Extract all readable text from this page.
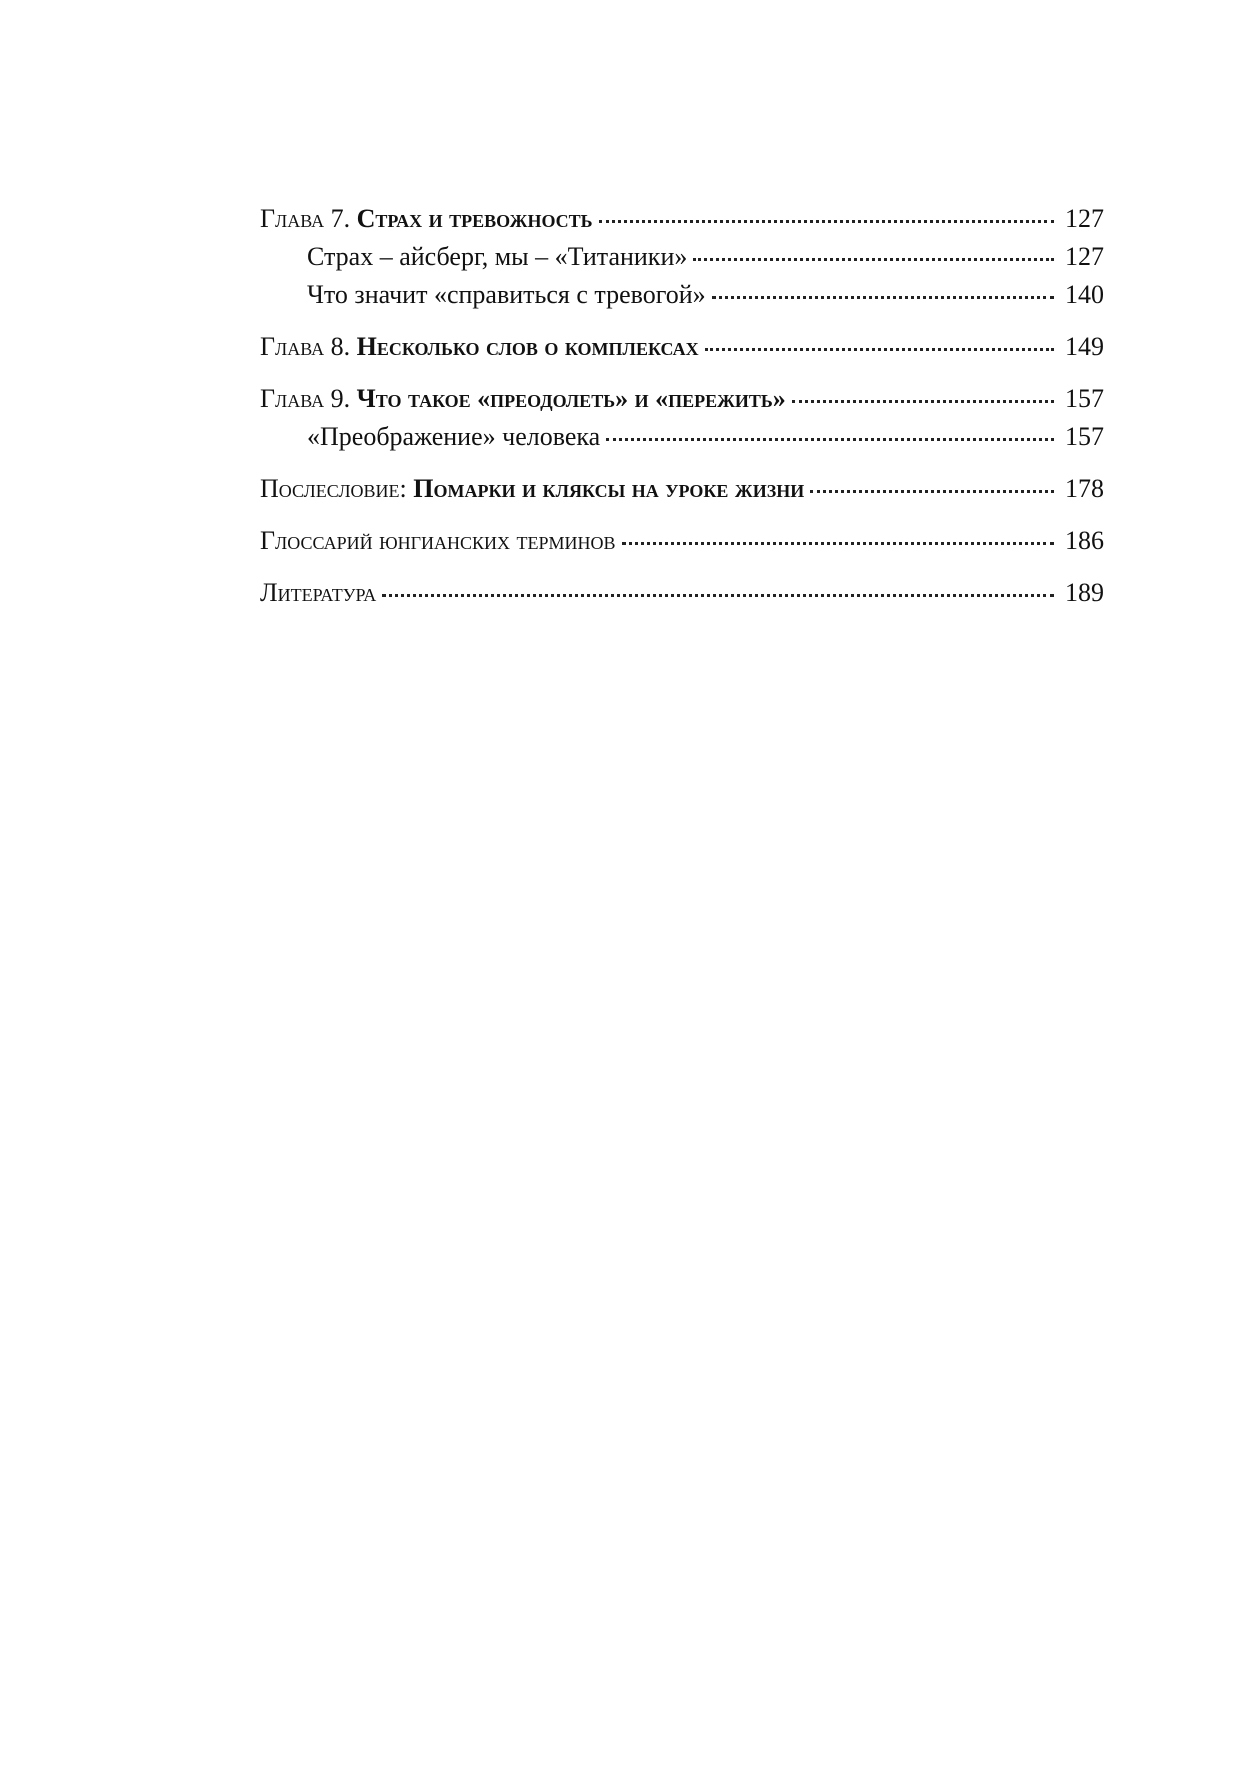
Глава 7. Страх и тревожность	127
Страх – айсберг, мы – «Титаники»	127
Что значит «справиться с тревогой»	140
Глава 8. Несколько слов о комплексах	149
Глава 9. Что такое «преодолеть» и «пережить»	157
«Преображение» человека	157
Послесловие: Помарки и кляксы на уроке жизни	178
Глоссарий юнгианских терминов	186
Литература	189
